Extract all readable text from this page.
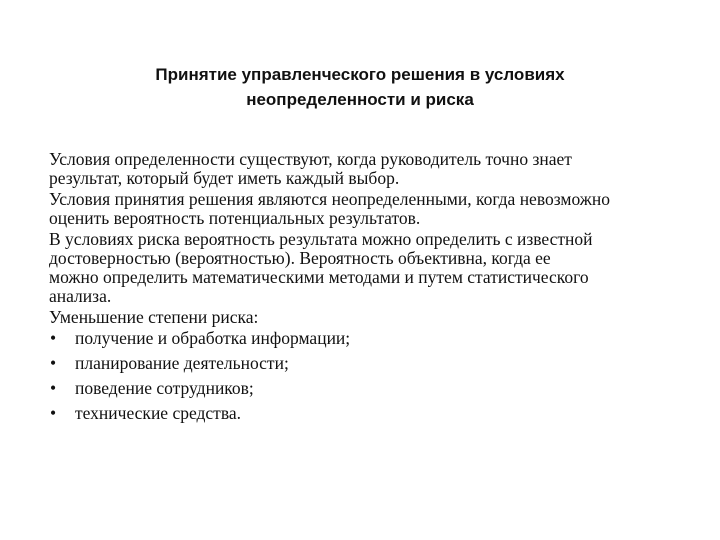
Принятие управленческого решения в условиях
неопределенности и риска
Условия определенности существуют, когда руководитель точно знает
результат, который будет иметь каждый выбор.
Условия принятия решения являются неопределенными, когда невозможно
оценить вероятность потенциальных результатов.
В условиях риска вероятность результата можно определить с известной
достоверностью (вероятностью). Вероятность объективна, когда ее
можно определить математическими методами и путем статистического
анализа.
Уменьшение степени риска:
• получение и обработка информации;
• планирование деятельности;
• поведение сотрудников;
• технические средства.
